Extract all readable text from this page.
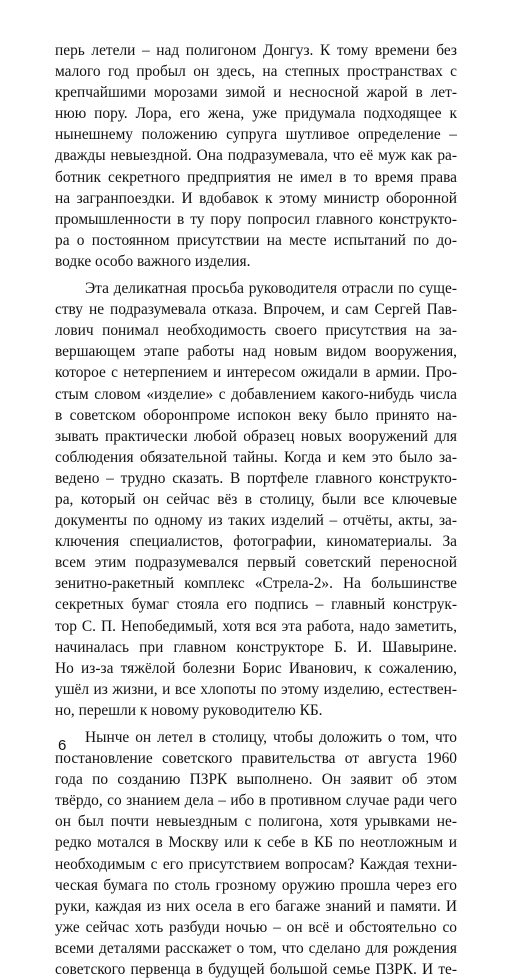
перь летели – над полигоном Донгуз. К тому времени без
малого год пробыл он здесь, на степных пространствах с
крепчайшими морозами зимой и несносной жарой в лет-
нюю пору. Лора, его жена, уже придумала подходящее к
нынешнему положению супруга шутливое определение –
дважды невыездной. Она подразумевала, что её муж как ра-
ботник секретного предприятия не имел в то время права
на загранпоездки. И вдобавок к этому министр оборонной
промышленности в ту пору попросил главного конструкто-
ра о постоянном присутствии на месте испытаний по до-
водке особо важного изделия.
Эта деликатная просьба руководителя отрасли по суще-
ству не подразумевала отказа. Впрочем, и сам Сергей Пав-
лович понимал необходимость своего присутствия на за-
вершающем этапе работы над новым видом вооружения,
которое с нетерпением и интересом ожидали в армии. Про-
стым словом «изделие» с добавлением какого-нибудь числа
в советском оборонпроме испокон веку было принято на-
зывать практически любой образец новых вооружений для
соблюдения обязательной тайны. Когда и кем это было за-
ведено – трудно сказать. В портфеле главного конструкто-
ра, который он сейчас вёз в столицу, были все ключевые
документы по одному из таких изделий – отчёты, акты, за-
ключения специалистов, фотографии, киноматериалы. За
всем этим подразумевался первый советский переносной
зенитно-ракетный комплекс «Стрела-2». На большинстве
секретных бумаг стояла его подпись – главный конструк-
тор С. П. Непобедимый, хотя вся эта работа, надо заметить,
начиналась при главном конструкторе Б. И. Шавырине.
Но из-за тяжёлой болезни Борис Иванович, к сожалению,
ушёл из жизни, и все хлопоты по этому изделию, естествен-
но, перешли к новому руководителю КБ.
Нынче он летел в столицу, чтобы доложить о том, что
постановление советского правительства от августа 1960
года по созданию ПЗРК выполнено. Он заявит об этом
твёрдо, со знанием дела – ибо в противном случае ради чего
он был почти невыездным с полигона, хотя урывками не-
редко мотался в Москву или к себе в КБ по неотложным и
необходимым с его присутствием вопросам? Каждая техни-
ческая бумага по столь грозному оружию прошла через его
руки, каждая из них осела в его багаже знаний и памяти. И
уже сейчас хоть разбуди ночью – он всё и обстоятельно со
всеми деталями расскажет о том, что сделано для рождения
советского первенца в будущей большой семье ПЗРК. И те-
6
